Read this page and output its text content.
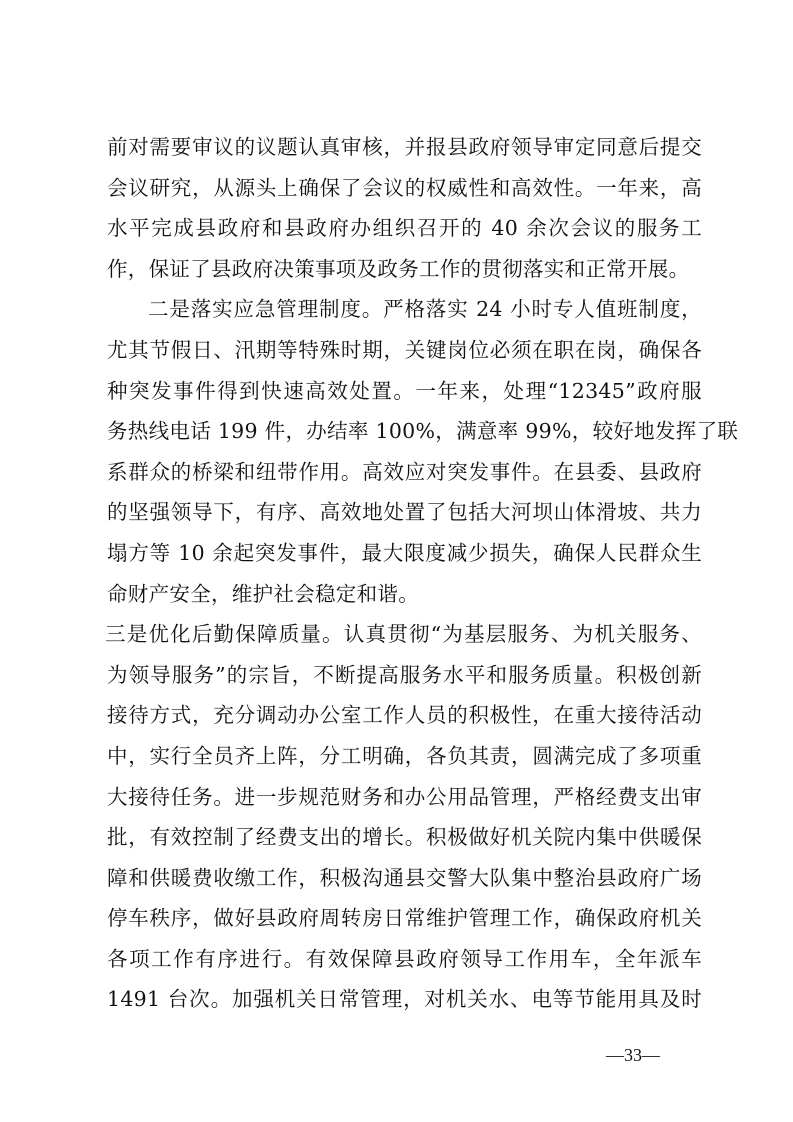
前对需要审议的议题认真审核，并报县政府领导审定同意后提交
会议研究，从源头上确保了会议的权威性和高效性。一年来，高
水平完成县政府和县政府办组织召开的 40 余次会议的服务工
作，保证了县政府决策事项及政务工作的贯彻落实和正常开展。
二是落实应急管理制度。严格落实 24 小时专人值班制度，
尤其节假日、汛期等特殊时期，关键岗位必须在职在岗，确保各
种突发事件得到快速高效处置。一年来，处理“12345”政府服
务热线电话 199 件，办结率 100%，满意率 99%，较好地发挥了联
系群众的桥梁和纽带作用。高效应对突发事件。在县委、县政府
的坚强领导下，有序、高效地处置了包括大河坝山体滑坡、共力
塌方等 10 余起突发事件，最大限度减少损失，确保人民群众生
命财产安全，维护社会稳定和谐。
三是优化后勤保障质量。认真贯彻“为基层服务、为机关服务、
为领导服务”的宗旨，不断提高服务水平和服务质量。积极创新
接待方式，充分调动办公室工作人员的积极性，在重大接待活动
中，实行全员齐上阵，分工明确，各负其责，圆满完成了多项重
大接待任务。进一步规范财务和办公用品管理，严格经费支出审
批，有效控制了经费支出的增长。积极做好机关院内集中供暖保
障和供暖费收缴工作，积极沟通县交警大队集中整治县政府广场
停车秩序，做好县政府周转房日常维护管理工作，确保政府机关
各项工作有序进行。有效保障县政府领导工作用车，全年派车
1491 台次。加强机关日常管理，对机关水、电等节能用具及时
—33—
